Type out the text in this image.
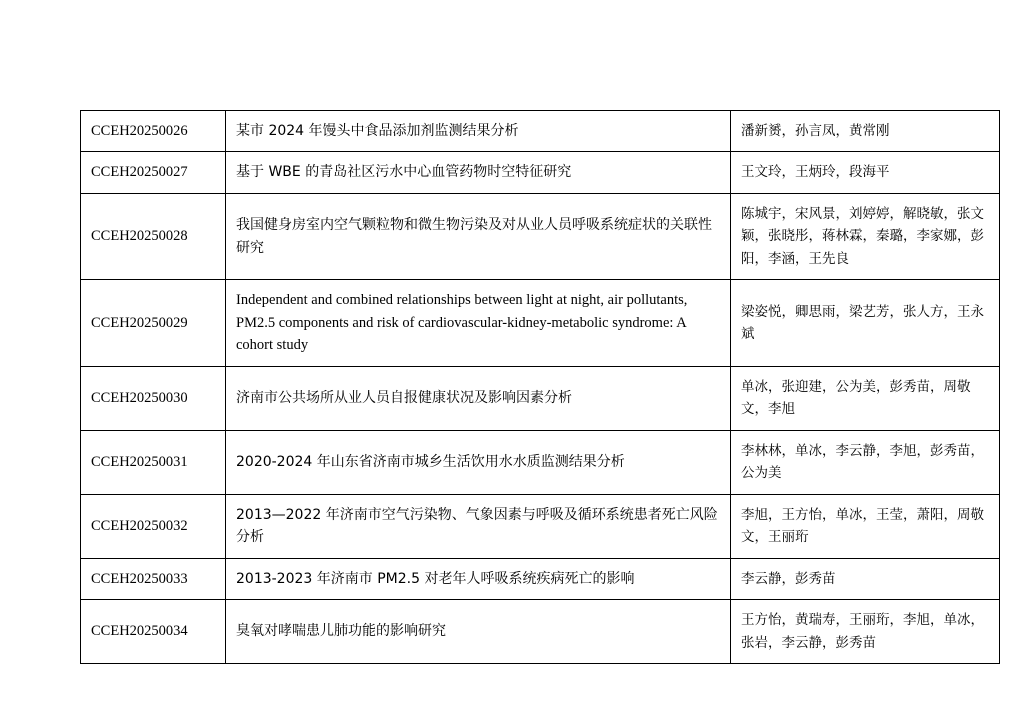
CCEH20250026	某市 2024 年馒头中食品添加剂监测结果分析	潘新赟，孙言凤，黄常刚
CCEH20250027	基于 WBE 的青岛社区污水中心血管药物时空特征研究	王文玲，王炳玲，段海平
CCEH20250028	我国健身房室内空气颗粒物和微生物污染及对从业人员呼吸系统症状的关联性研究	陈城宇，宋风景，刘婷婷，解晓敏，张文颖，张晓彤，蒋林霖，秦璐，李家娜，彭阳，李涵，王先良
CCEH20250029	Independent and combined relationships between light at night, air pollutants, PM2.5 components and risk of cardiovascular-kidney-metabolic syndrome: A cohort study	梁姿悦，卿思雨，梁艺芳，张人方，王永斌
CCEH20250030	济南市公共场所从业人员自报健康状况及影响因素分析	单冰，张迎建，公为美，彭秀苗，周敬文，李旭
CCEH20250031	2020-2024 年山东省济南市城乡生活饮用水水质监测结果分析	李林林，单冰，李云静，李旭，彭秀苗，公为美
CCEH20250032	2013—2022 年济南市空气污染物、气象因素与呼吸及循环系统患者死亡风险分析	李旭，王方怡，单冰，王莹，萧阳，周敬文，王丽珩
CCEH20250033	2013-2023 年济南市 PM2.5 对老年人呼吸系统疾病死亡的影响	李云静，彭秀苗
CCEH20250034	臭氧对哮喘患儿肺功能的影响研究	王方怡，黄瑞寿，王丽珩，李旭，单冰，张岩，李云静，彭秀苗
